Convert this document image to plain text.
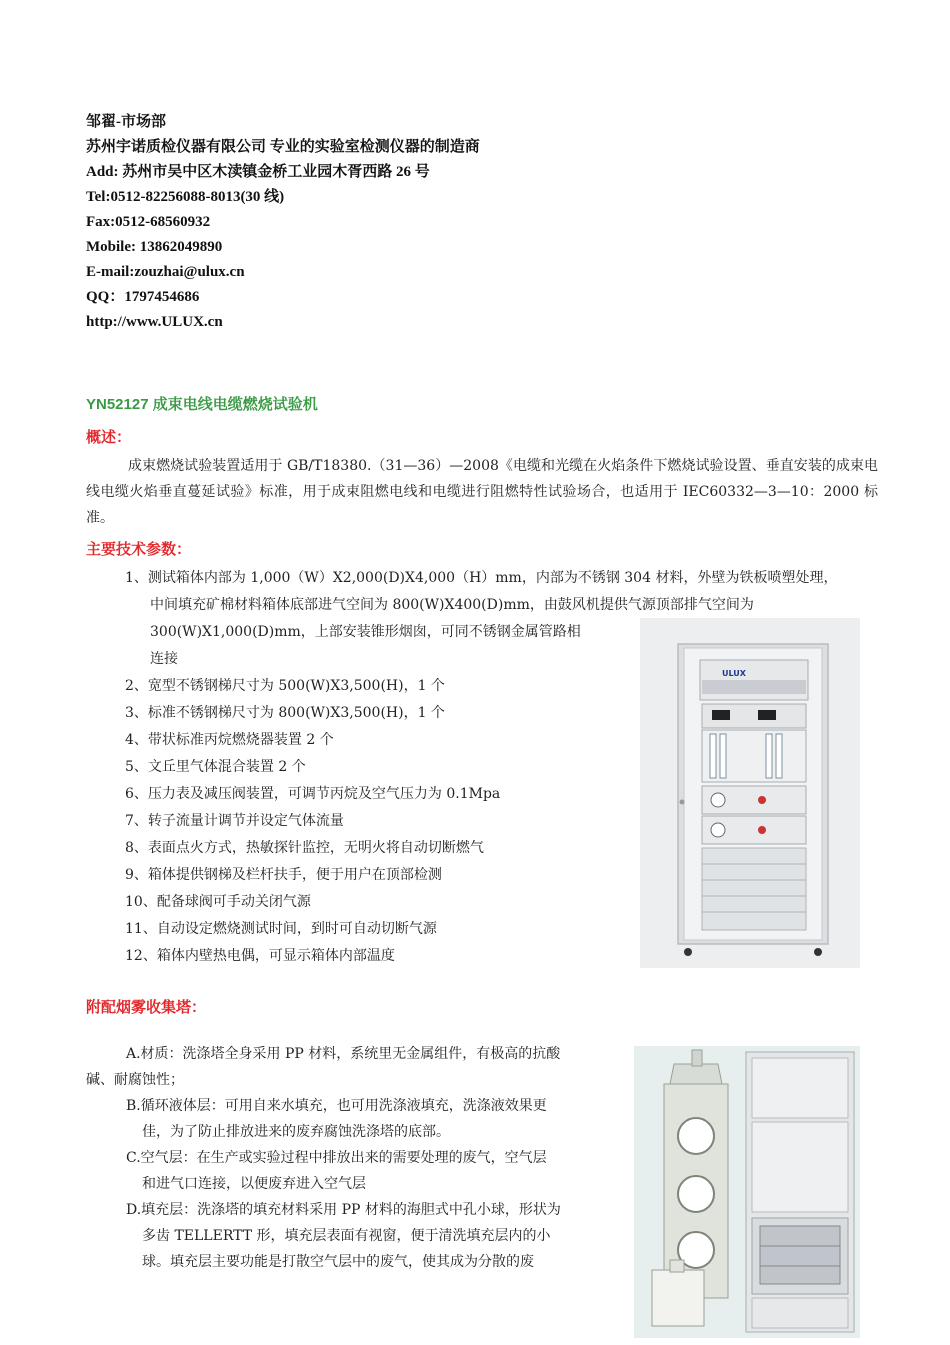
邹翟-市场部
苏州宇诺质检仪器有限公司 专业的实验室检测仪器的制造商
Add: 苏州市吴中区木渎镇金桥工业园木胥西路 26 号
Tel:0512-82256088-8013(30 线)
Fax:0512-68560932
Mobile: 13862049890
E-mail:zouzhai@ulux.cn
QQ：1797454686
http://www.ULUX.cn
YN52127 成束电线电缆燃烧试验机
概述：
成束燃烧试验装置适用于 GB/T18380.（31—36）—2008《电缆和光缆在火焰条件下燃烧试验设置、垂直安装的成束电线电缆火焰垂直蔓延试验》标准，用于成束阻燃电线和电缆进行阻燃特性试验场合，也适用于 IEC60332—3—10：2000 标准。
主要技术参数：
1、测试箱体内部为 1,000（W）X2,000(D)X4,000（H）mm，内部为不锈钢 304 材料，外壁为铁板喷塑处理，
中间填充矿棉材料箱体底部进气空间为 800(W)X400(D)mm，由鼓风机提供气源顶部排气空间为
300(W)X1,000(D)mm，上部安装锥形烟囱，可同不锈钢金属管路相
连接
2、宽型不锈钢梯尺寸为 500(W)X3,500(H)，1 个
3、标准不锈钢梯尺寸为 800(W)X3,500(H)，1 个
4、带状标准丙烷燃烧器装置 2 个
5、文丘里气体混合装置 2 个
6、压力表及减压阀装置，可调节丙烷及空气压力为 0.1Mpa
7、转子流量计调节并设定气体流量
8、表面点火方式，热敏探针监控，无明火将自动切断燃气
9、箱体提供钢梯及栏杆扶手，便于用户在顶部检测
10、配备球阀可手动关闭气源
11、自动设定燃烧测试时间，到时可自动切断气源
12、箱体内壁热电偶，可显示箱体内部温度
ULUX
附配烟雾收集塔：
A.材质：洗涤塔全身采用 PP 材料，系统里无金属组件，有极高的抗酸
碱、耐腐蚀性；
B.循环液体层：可用自来水填充，也可用洗涤液填充，洗涤液效果更
佳，为了防止排放进来的废弃腐蚀洗涤塔的底部。
C.空气层：在生产或实验过程中排放出来的需要处理的废气，空气层
和进气口连接，以便废弃进入空气层
D.填充层：洗涤塔的填充材料采用 PP 材料的海胆式中孔小球，形状为
多齿 TELLERTT 形，填充层表面有视窗，便于清洗填充层内的小
球。填充层主要功能是打散空气层中的废气，使其成为分散的废
